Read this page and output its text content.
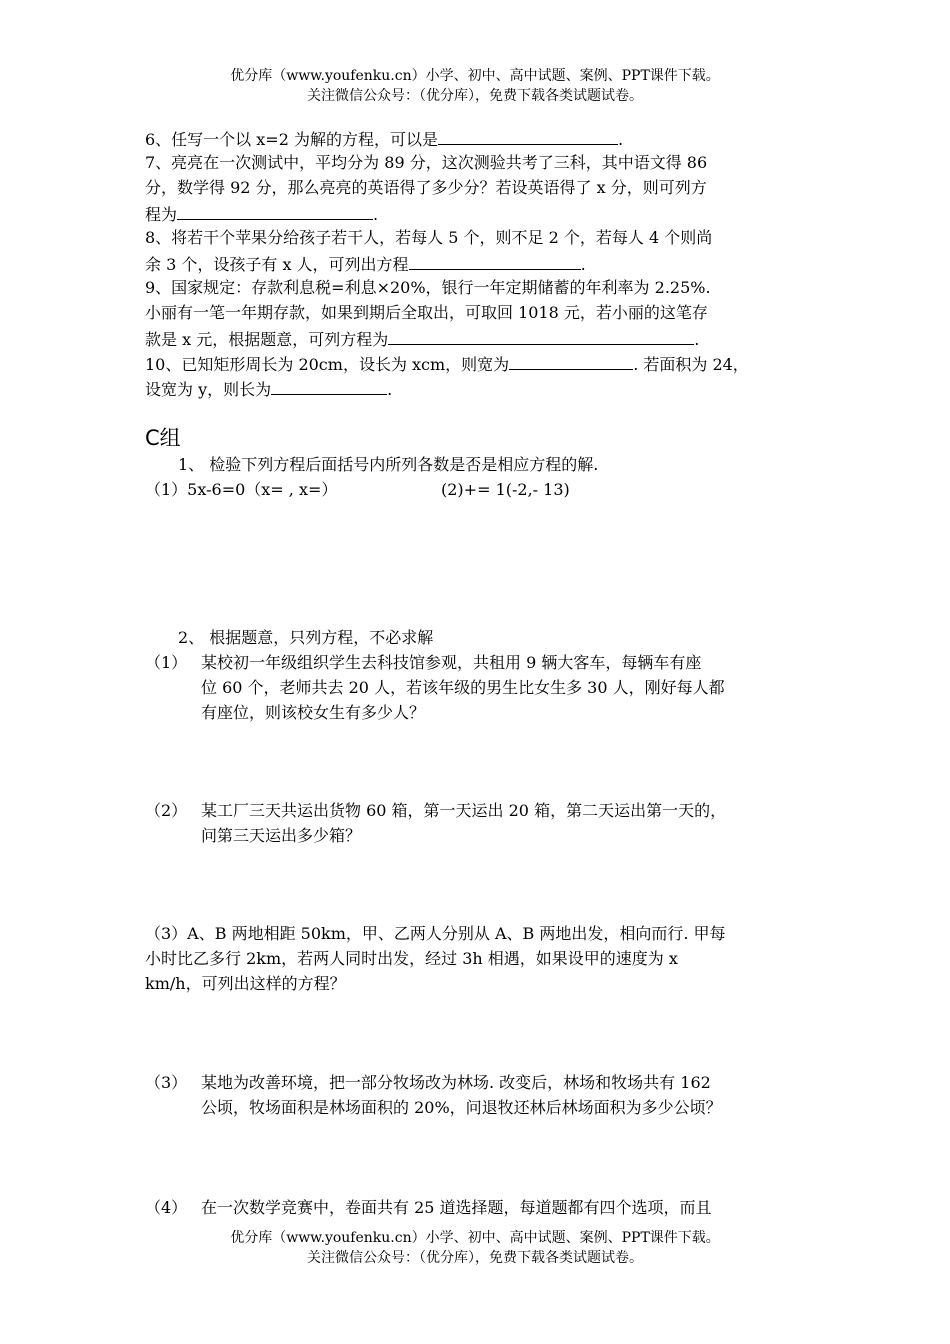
优分库（www.youfenku.cn）小学、初中、高中试题、案例、PPT课件下载。
关注微信公众号：（优分库），免费下载各类试题试卷。
6、任写一个以 x=2 为解的方程，可以是	.
7、亮亮在一次测试中，平均分为 89 分，这次测验共考了三科，其中语文得 86
分，数学得 92 分，那么亮亮的英语得了多少分？若设英语得了 x 分，则可列方
程为	.
8、将若干个苹果分给孩子若干人，若每人 5 个，则不足 2 个，若每人 4 个则尚
余 3 个，设孩子有 x 人，可列出方程	.
9、国家规定：存款利息税=利息×20%，银行一年定期储蓄的年利率为 2.25%.
小丽有一笔一年期存款，如果到期后全取出，可取回 1018 元，若小丽的这笔存
款是 x 元，根据题意，可列方程为	.
10、已知矩形周长为 20cm，设长为 xcm，则宽为	. 若面积为 24，
设宽为 y，则长为	.
C组
1、 检验下列方程后面括号内所列各数是否是相应方程的解.
（1）5x-6=0（x= , x=）	(2)+= 1(-2,- 13)
2、 根据题意，只列方程，不必求解
（1） 某校初一年级组织学生去科技馆参观，共租用 9 辆大客车，每辆车有座
位 60 个，老师共去 20 人，若该年级的男生比女生多 30 人，刚好每人都
有座位，则该校女生有多少人？
（2） 某工厂三天共运出货物 60 箱，第一天运出 20 箱，第二天运出第一天的，
问第三天运出多少箱？
（3）A、B 两地相距 50km，甲、乙两人分别从 A、B 两地出发，相向而行. 甲每
小时比乙多行 2km，若两人同时出发，经过 3h 相遇，如果设甲的速度为 x
km/h，可列出这样的方程？
（3） 某地为改善环境，把一部分牧场改为林场. 改变后，林场和牧场共有 162
公顷，牧场面积是林场面积的 20%，问退牧还林后林场面积为多少公顷？
（4） 在一次数学竞赛中，卷面共有 25 道选择题，每道题都有四个选项，而且
优分库（www.youfenku.cn）小学、初中、高中试题、案例、PPT课件下载。
关注微信公众号：（优分库），免费下载各类试题试卷。
